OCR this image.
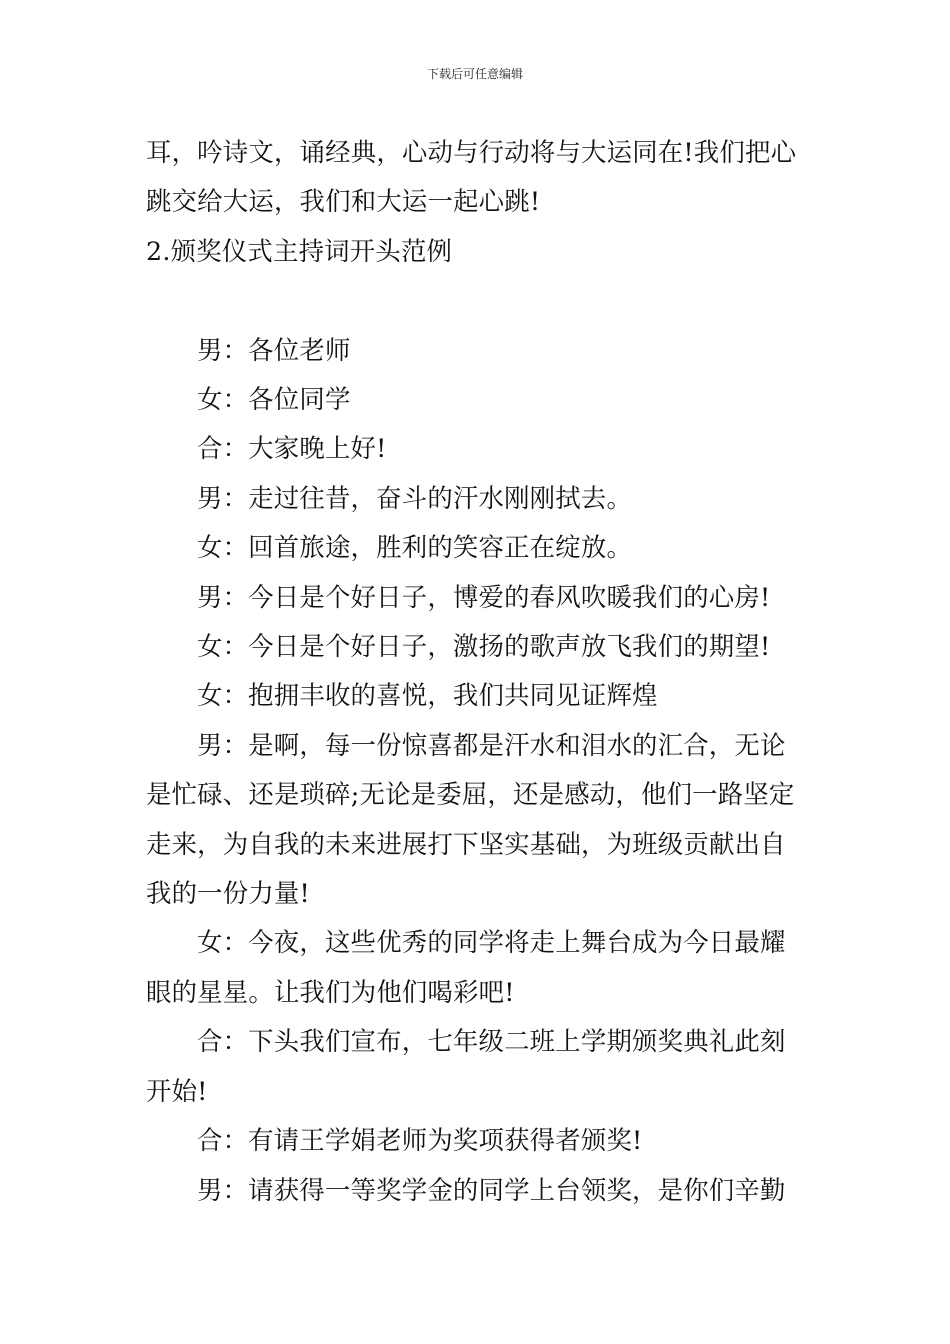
下载后可任意编辑

耳，吟诗文，诵经典，心动与行动将与大运同在!我们把心跳交给大运，我们和大运一起心跳!

2.颁奖仪式主持词开头范例

男：各位老师

女：各位同学

合：大家晚上好!

男：走过往昔，奋斗的汗水刚刚拭去。

女：回首旅途，胜利的笑容正在绽放。

男：今日是个好日子，博爱的春风吹暖我们的心房!

女：今日是个好日子，激扬的歌声放飞我们的期望!

女：抱拥丰收的喜悦，我们共同见证辉煌

男：是啊，每一份惊喜都是汗水和泪水的汇合，无论是忙碌、还是琐碎;无论是委屈，还是感动，他们一路坚定走来，为自我的未来进展打下坚实基础，为班级贡献出自我的一份力量!

女：今夜，这些优秀的同学将走上舞台成为今日最耀眼的星星。让我们为他们喝彩吧!

合：下头我们宣布，七年级二班上学期颁奖典礼此刻开始!

合：有请王学娟老师为奖项获得者颁奖!

男：请获得一等奖学金的同学上台领奖，是你们辛勤
